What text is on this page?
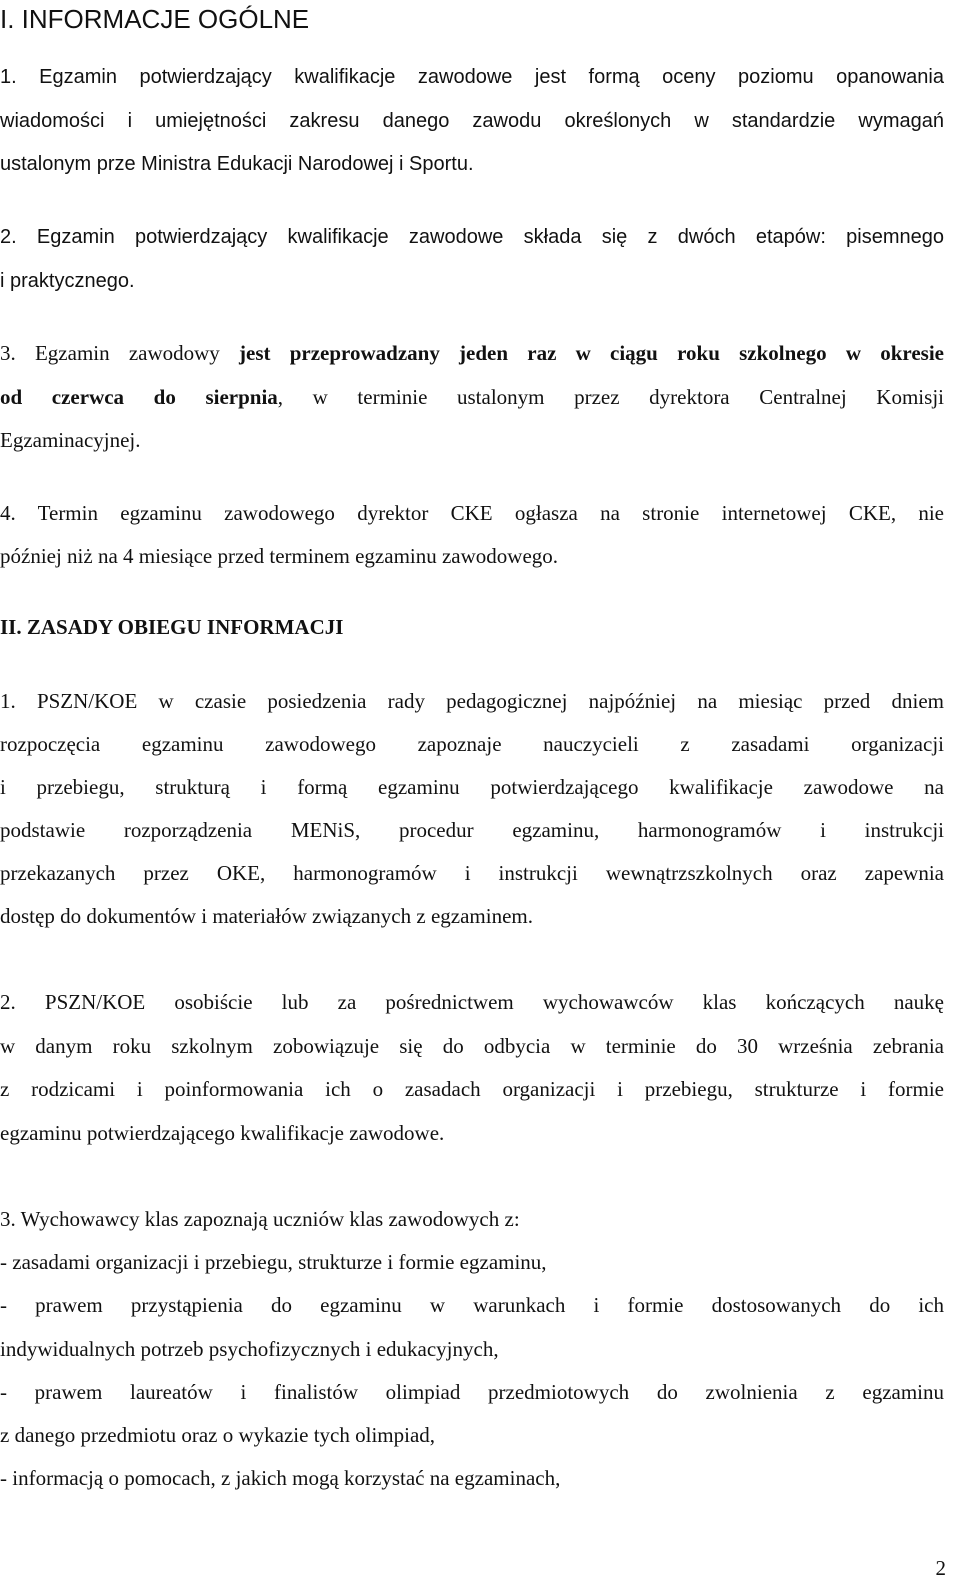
I. INFORMACJE OGÓLNE
1. Egzamin potwierdzający kwalifikacje zawodowe jest formą oceny poziomu opanowania
wiadomości i umiejętności zakresu danego zawodu określonych w standardzie wymagań
ustalonym prze Ministra Edukacji Narodowej i Sportu.
2. Egzamin potwierdzający kwalifikacje zawodowe składa się z dwóch etapów: pisemnego
i praktycznego.
3. Egzamin zawodowy jest przeprowadzany jeden raz w ciągu roku szkolnego w okresie
od czerwca do sierpnia, w terminie ustalonym przez dyrektora Centralnej Komisji
Egzaminacyjnej.
4. Termin egzaminu zawodowego dyrektor CKE ogłasza na stronie internetowej CKE, nie
później niż na 4 miesiące przed terminem egzaminu zawodowego.
II. ZASADY OBIEGU INFORMACJI
1. PSZN/KOE w czasie posiedzenia rady pedagogicznej najpóźniej na miesiąc przed dniem
rozpoczęcia egzaminu zawodowego zapoznaje nauczycieli z zasadami organizacji
i przebiegu, strukturą i formą egzaminu potwierdzającego kwalifikacje zawodowe na
podstawie rozporządzenia MENiS, procedur egzaminu, harmonogramów i instrukcji
przekazanych przez OKE, harmonogramów i instrukcji wewnątrzszkolnych oraz zapewnia
dostęp do dokumentów i materiałów związanych z egzaminem.
2. PSZN/KOE osobiście lub za pośrednictwem wychowawców klas kończących naukę
w danym roku szkolnym zobowiązuje się do odbycia w terminie do 30 września zebrania
z rodzicami i poinformowania ich o zasadach organizacji i przebiegu, strukturze i formie
egzaminu potwierdzającego kwalifikacje zawodowe.
3. Wychowawcy klas zapoznają uczniów klas zawodowych z:
- zasadami organizacji i przebiegu, strukturze i formie egzaminu,
- prawem przystąpienia do egzaminu w warunkach i formie dostosowanych do ich
indywidualnych potrzeb psychofizycznych i edukacyjnych,
- prawem laureatów i finalistów olimpiad przedmiotowych do zwolnienia z egzaminu
z danego przedmiotu oraz o wykazie tych olimpiad,
- informacją o pomocach, z jakich mogą korzystać na egzaminach,
2
